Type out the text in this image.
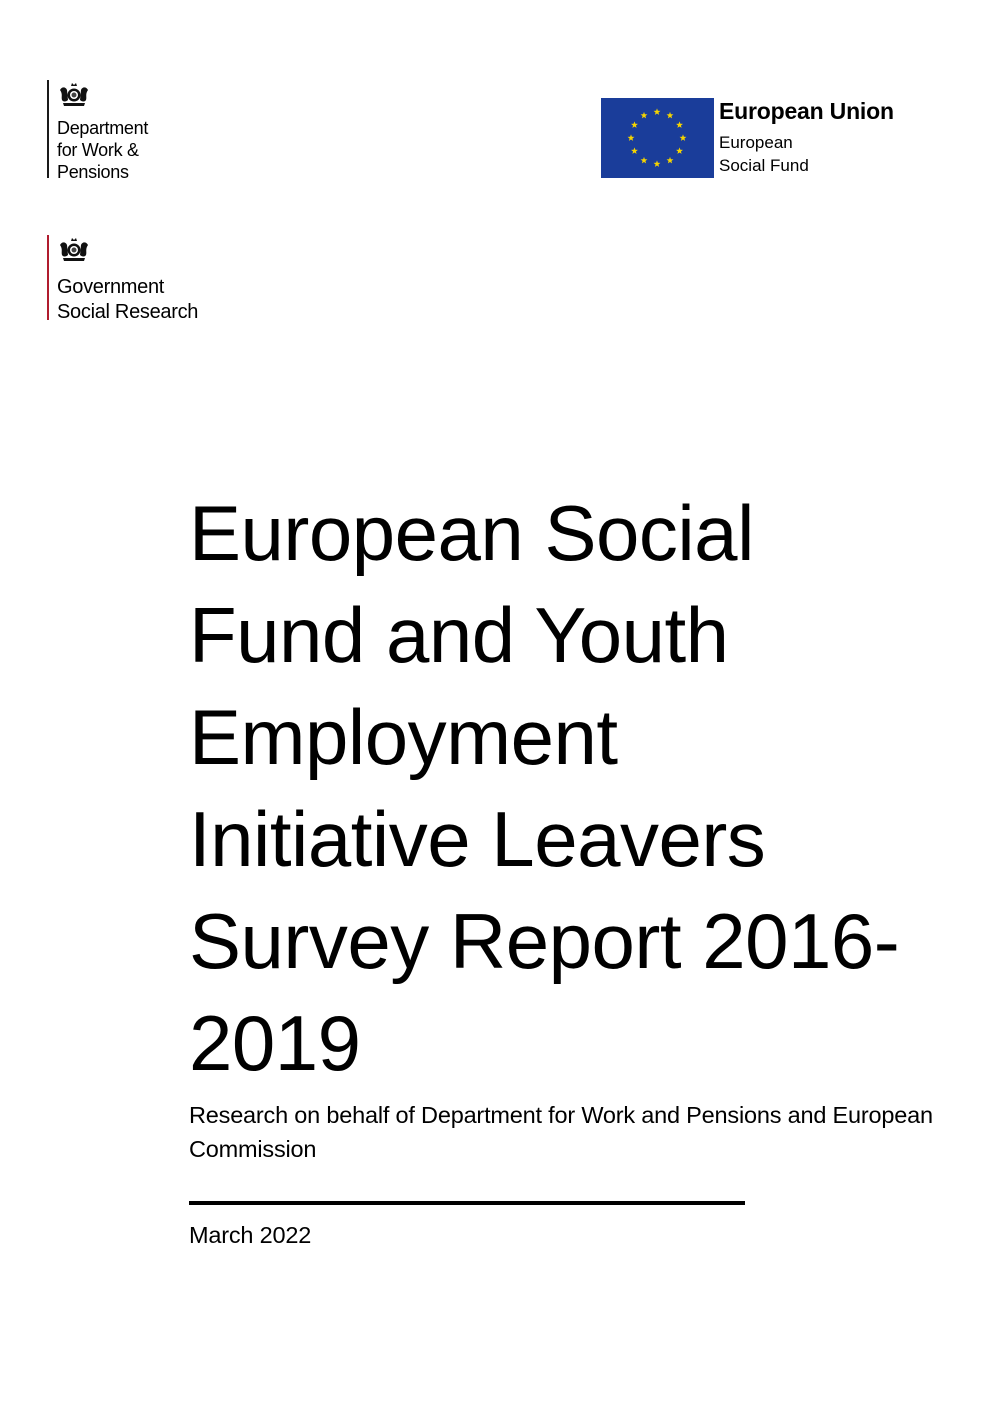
Department
for Work &
Pensions
European Union
European
Social Fund
Government
Social Research
European Social
Fund and Youth
Employment
Initiative Leavers
Survey Report 2016-
2019
Research on behalf of Department for Work and Pensions and European Commission
March 2022
